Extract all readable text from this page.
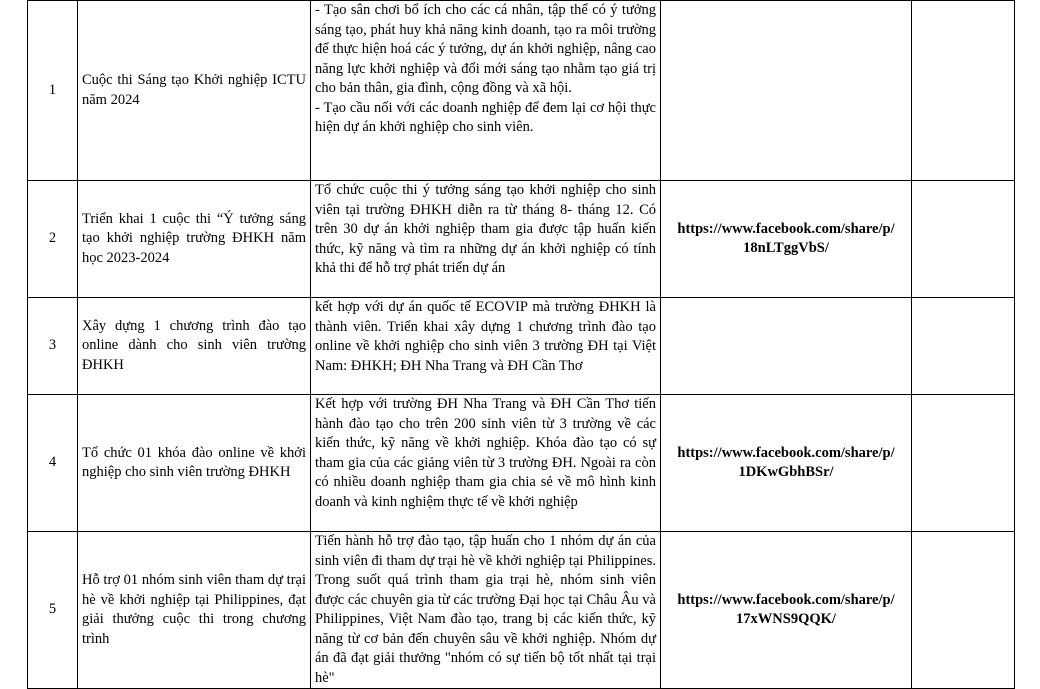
1	Cuộc thi Sáng tạo Khởi nghiệp ICTU năm 2024	- Tạo sân chơi bổ ích cho các cá nhân, tập thể có ý tưởng sáng tạo, phát huy khả năng kinh doanh, tạo ra môi trường để thực hiện hoá các ý tưởng, dự án khởi nghiệp, nâng cao năng lực khởi nghiệp và đổi mới sáng tạo nhằm tạo giá trị cho bản thân, gia đình, cộng đồng và xã hội.
- Tạo cầu nối với các doanh nghiệp để đem lại cơ hội thực hiện dự án khởi nghiệp cho sinh viên.		

2	Triển khai 1 cuộc thi “Ý tưởng sáng tạo khởi nghiệp trường ĐHKH năm học 2023-2024	Tổ chức cuộc thi ý tưởng sáng tạo khởi nghiệp cho sinh viên tại trường ĐHKH diễn ra từ tháng 8- tháng 12. Có trên 30 dự án khởi nghiệp tham gia được tập huấn kiến thức, kỹ năng và tìm ra những dự án khởi nghiệp có tính khả thi để hỗ trợ phát triển dự án	https://www.facebook.com/share/p/
18nLTggVbS/	

3	Xây dựng 1 chương trình đào tạo online dành cho sinh viên trường ĐHKH	kết hợp với dự án quốc tế ECOVIP mà trường ĐHKH là thành viên. Triển khai xây dựng 1 chương trình đào tạo online về khởi nghiệp cho sinh viên 3 trường ĐH tại Việt Nam: ĐHKH; ĐH Nha Trang và ĐH Cần Thơ		

4	Tổ chức 01 khóa đào online về khởi nghiệp cho sinh viên trường ĐHKH	Kết hợp với trường ĐH Nha Trang và ĐH Cần Thơ tiến hành đào tạo cho trên 200 sinh viên từ 3 trường về các kiến thức, kỹ năng về khởi nghiệp. Khóa đào tạo có sự tham gia của các giảng viên từ 3 trường ĐH. Ngoài ra còn có nhiều doanh nghiệp tham gia chia sẻ về mô hình kinh doanh và kinh nghiệm thực tế về khởi nghiệp	https://www.facebook.com/share/p/
1DKwGbhBSr/	

5	Hỗ trợ 01 nhóm sinh viên tham dự trại hè về khởi nghiệp tại Philippines, đạt giải thưởng cuộc thi trong chương trình	Tiến hành hỗ trợ đào tạo, tập huấn cho 1 nhóm dự án của sinh viên đi tham dự trại hè về khởi nghiệp tại Philippines. Trong suốt quá trình tham gia trại hè, nhóm sinh viên được các chuyên gia từ các trường Đại học tại Châu Âu và Philippines, Việt Nam đào tạo, trang bị các kiến thức, kỹ năng từ cơ bản đến chuyên sâu về khởi nghiệp. Nhóm dự án đã đạt giải thưởng "nhóm có sự tiến bộ tốt nhất tại trại hè"	https://www.facebook.com/share/p/
17xWNS9QQK/	
